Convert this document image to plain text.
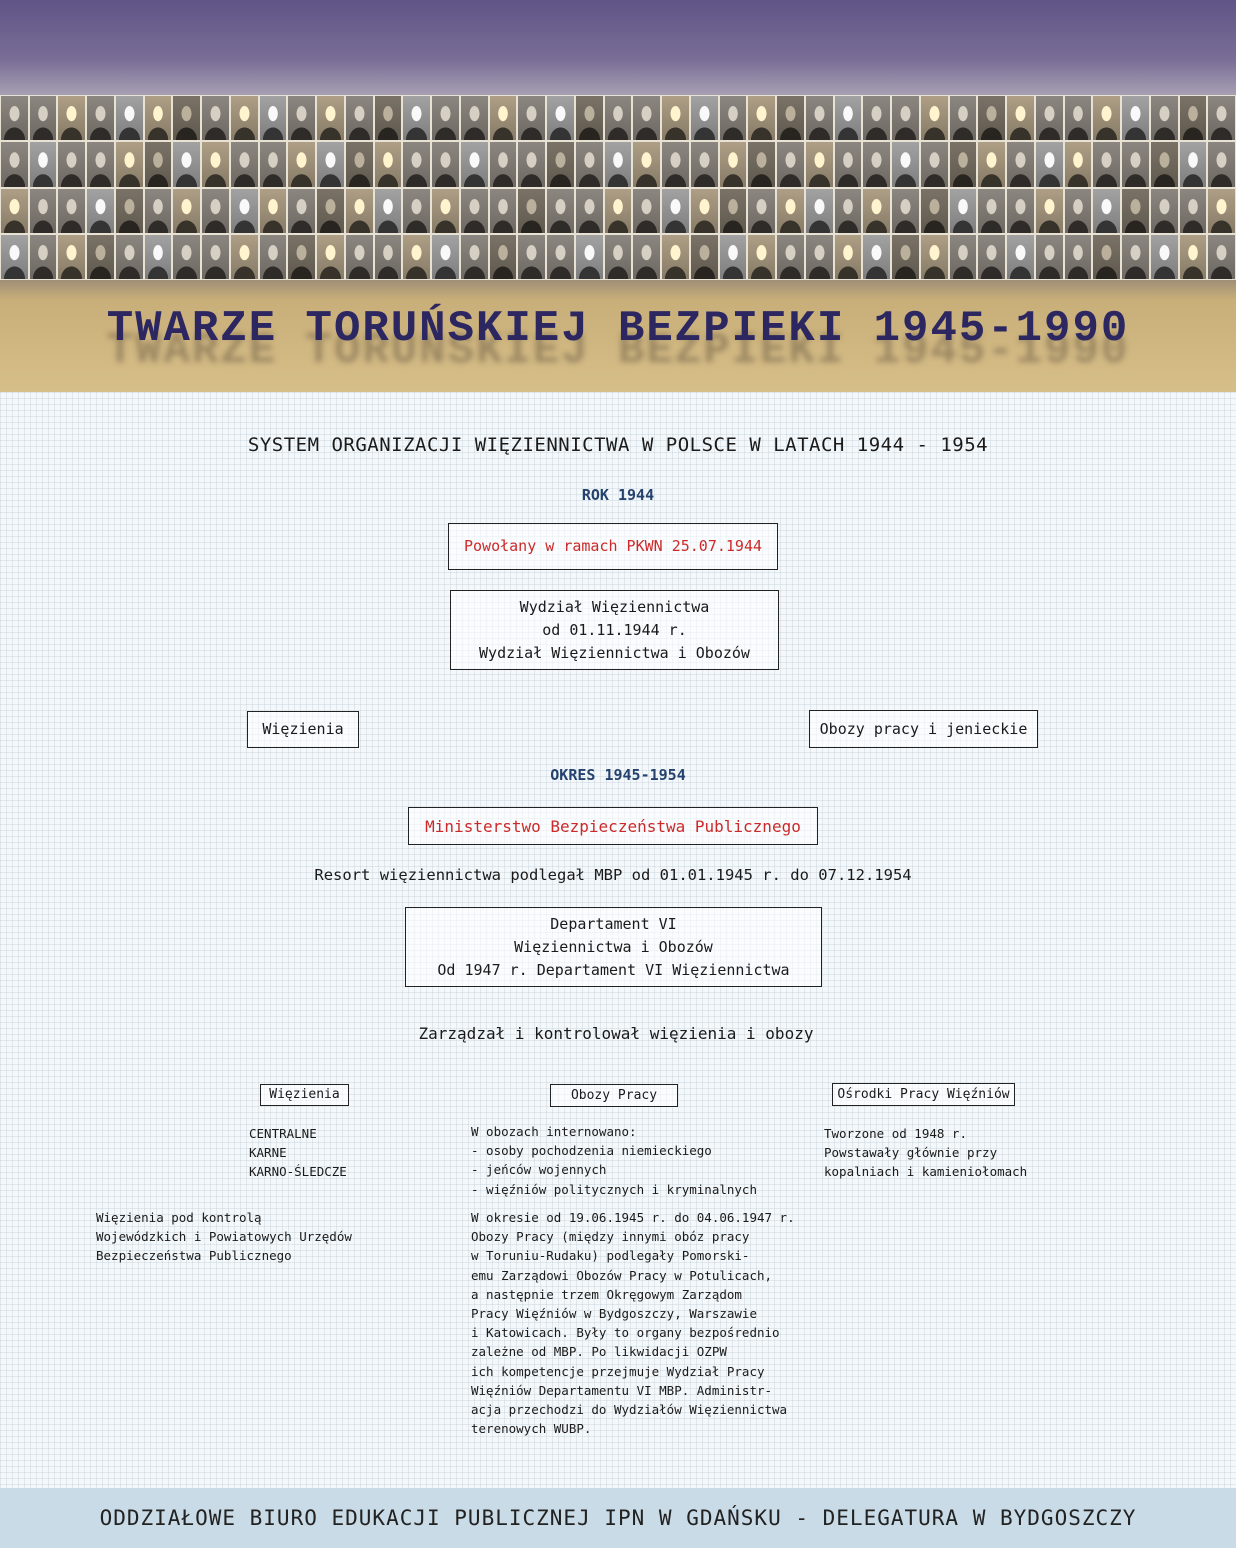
TWARZE TORUŃSKIEJ BEZPIEKI 1945-1990
SYSTEM ORGANIZACJI WIĘZIENNICTWA W POLSCE W LATACH 1944 - 1954
ROK 1944
Powołany w ramach PKWN 25.07.1944
Wydział Więziennictwa
od 01.11.1944 r.
Wydział Więziennictwa i Obozów
Więzienia	Obozy pracy i jenieckie
OKRES 1945-1954
Ministerstwo Bezpieczeństwa Publicznego
Resort więziennictwa podlegał MBP od 01.01.1945 r. do 07.12.1954
Departament VI
Więziennictwa i Obozów
Od 1947 r. Departament VI Więziennictwa
Zarządzał i kontrolował więzienia i obozy
Więzienia	Obozy Pracy	Ośrodki Pracy Więźniów
CENTRALNE
KARNE
KARNO-ŚLEDCZE
Więzienia pod kontrolą
Wojewódzkich i Powiatowych Urzędów
Bezpieczeństwa Publicznego
W obozach internowano:
- osoby pochodzenia niemieckiego
- jeńców wojennych
- więźniów politycznych i kryminalnych
W okresie od 19.06.1945 r. do 04.06.1947 r.
Obozy Pracy (między innymi obóz pracy
w Toruniu-Rudaku) podlegały Pomorski-
emu Zarządowi Obozów Pracy w Potulicach,
a następnie trzem Okręgowym Zarządom
Pracy Więźniów w Bydgoszczy, Warszawie
i Katowicach. Były to organy bezpośrednio
zależne od MBP. Po likwidacji OZPW
ich kompetencje przejmuje Wydział Pracy
Więźniów Departamentu VI MBP. Administr-
acja przechodzi do Wydziałów Więziennictwa
terenowych WUBP.
Tworzone od 1948 r.
Powstawały głównie przy
kopalniach i kamieniołomach
ODDZIAŁOWE BIURO EDUKACJI PUBLICZNEJ IPN W GDAŃSKU - DELEGATURA W BYDGOSZCZY
